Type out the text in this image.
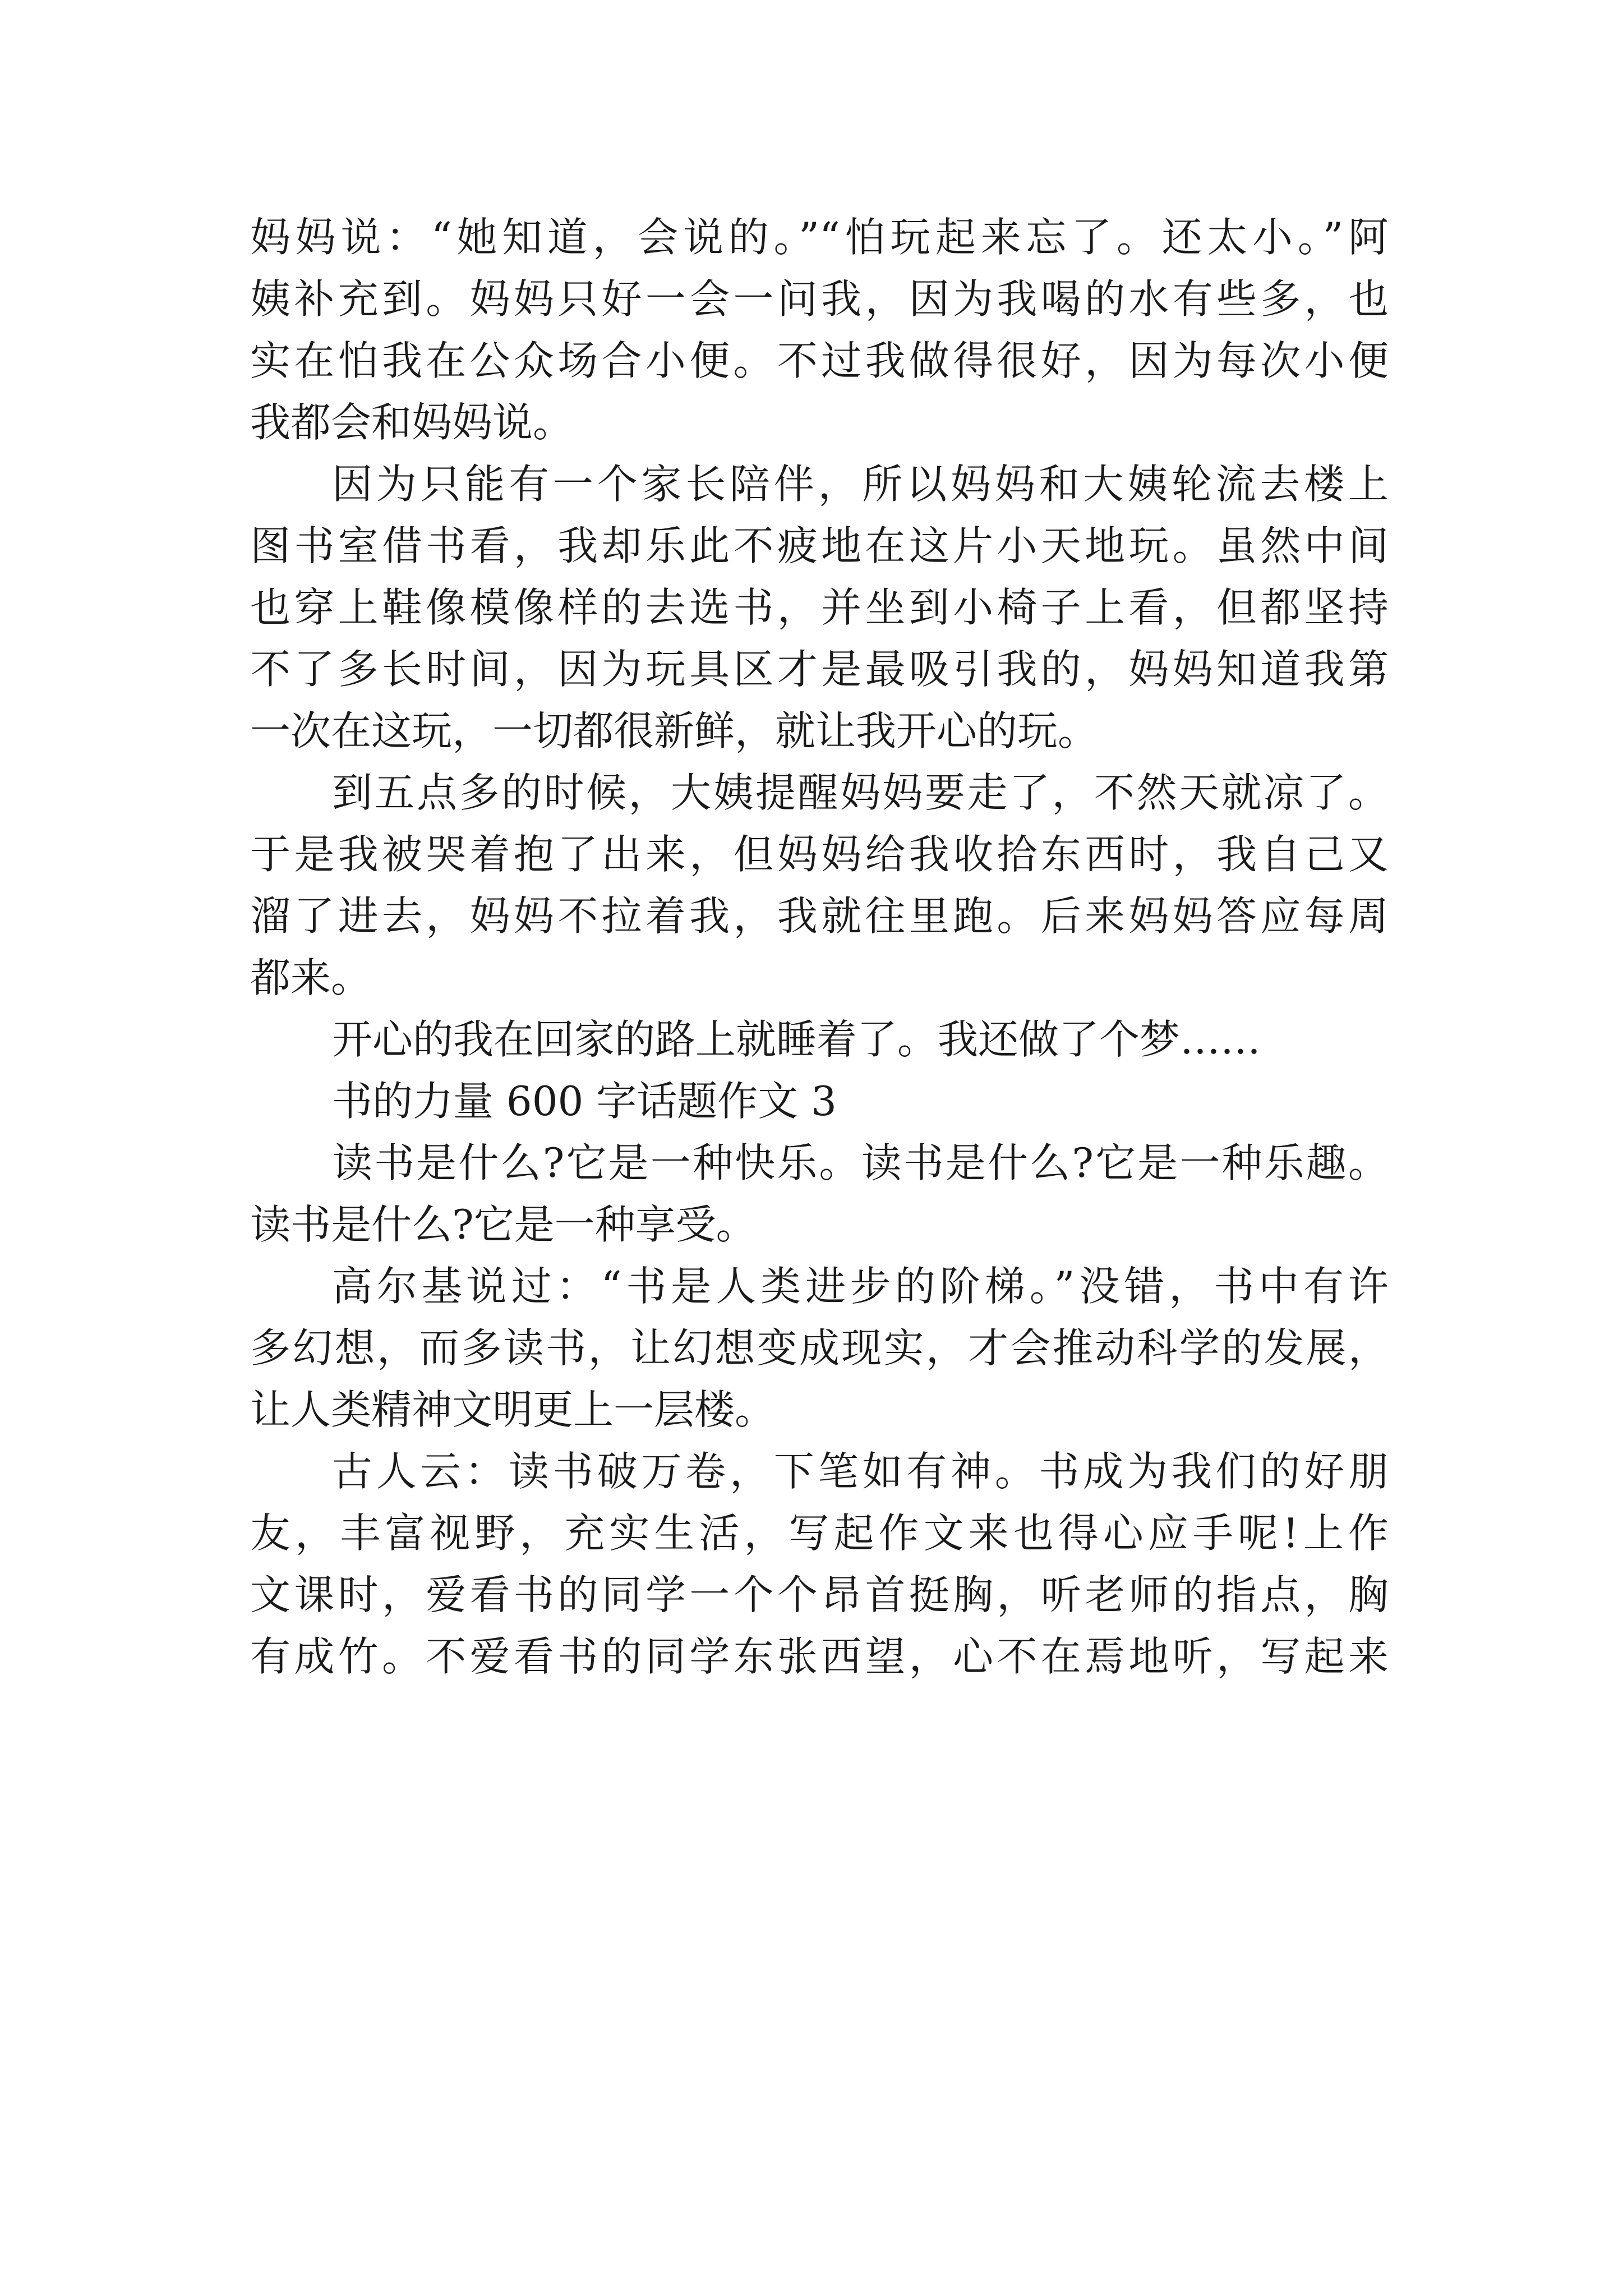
妈妈说：“她知道，会说的。”“怕玩起来忘了。还太小。”阿
姨补充到。妈妈只好一会一问我，因为我喝的水有些多，也
实在怕我在公众场合小便。不过我做得很好，因为每次小便
我都会和妈妈说。
因为只能有一个家长陪伴，所以妈妈和大姨轮流去楼上
图书室借书看，我却乐此不疲地在这片小天地玩。虽然中间
也穿上鞋像模像样的去选书，并坐到小椅子上看，但都坚持
不了多长时间，因为玩具区才是最吸引我的，妈妈知道我第
一次在这玩，一切都很新鲜，就让我开心的玩。
到五点多的时候，大姨提醒妈妈要走了，不然天就凉了。
于是我被哭着抱了出来，但妈妈给我收拾东西时，我自己又
溜了进去，妈妈不拉着我，我就往里跑。后来妈妈答应每周
都来。
开心的我在回家的路上就睡着了。我还做了个梦……
书的力量 600 字话题作文 3
读书是什么?它是一种快乐。读书是什么?它是一种乐趣。
读书是什么?它是一种享受。
高尔基说过：“书是人类进步的阶梯。”没错，书中有许
多幻想，而多读书，让幻想变成现实，才会推动科学的发展，
让人类精神文明更上一层楼。
古人云：读书破万卷，下笔如有神。书成为我们的好朋
友，丰富视野，充实生活，写起作文来也得心应手呢!上作
文课时，爱看书的同学一个个昂首挺胸，听老师的指点，胸
有成竹。不爱看书的同学东张西望，心不在焉地听，写起来
